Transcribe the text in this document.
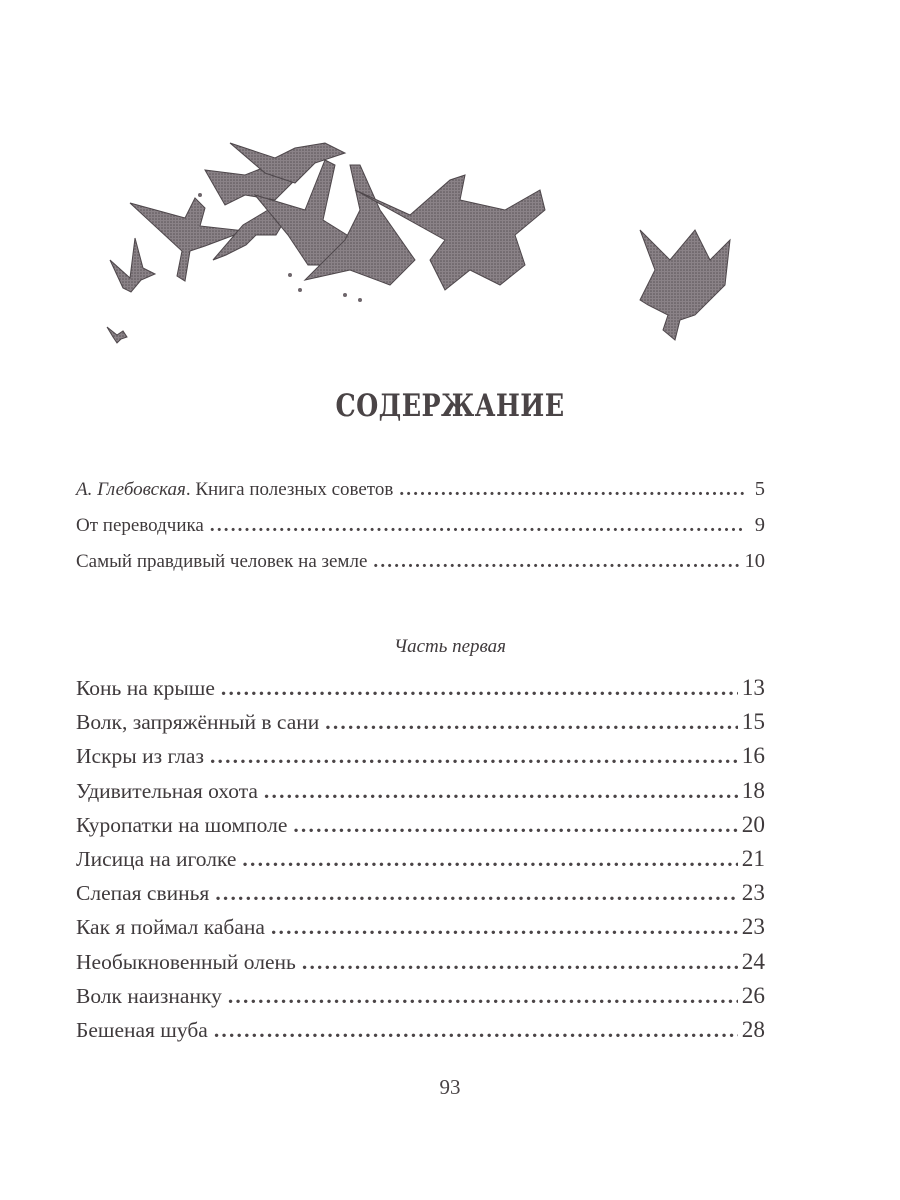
СОДЕРЖАНИЕ
А. Глебовская. Книга полезных советов .....	5
От переводчика .....	9
Самый правдивый человек на земле .....	10
Часть первая
Конь на крыше .....	13
Волк, запряжённый в сани .....	15
Искры из глаз .....	16
Удивительная охота .....	18
Куропатки на шомполе .....	20
Лисица на иголке .....	21
Слепая свинья .....	23
Как я поймал кабана .....	23
Необыкновенный олень .....	24
Волк наизнанку .....	26
Бешеная шуба .....	28
93
